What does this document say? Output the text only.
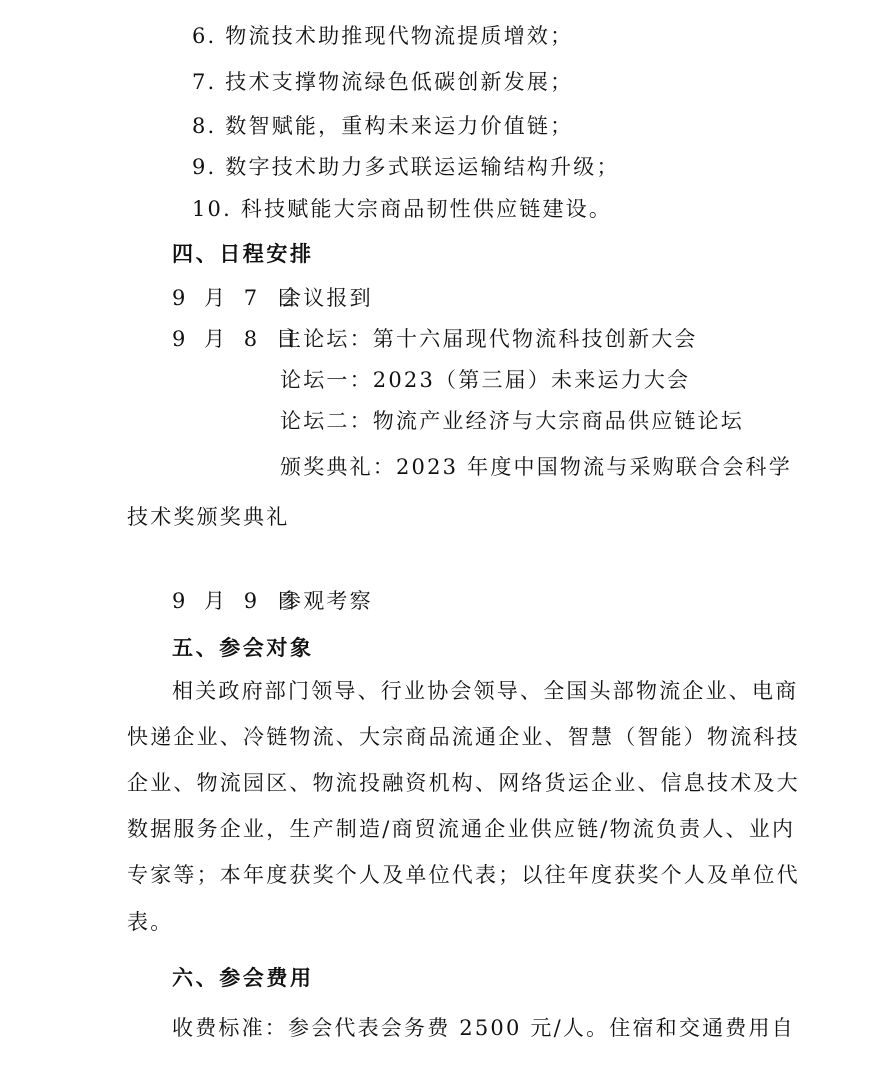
6. 物流技术助推现代物流提质增效；
7. 技术支撑物流绿色低碳创新发展；
8. 数智赋能，重构未来运力价值链；
9. 数字技术助力多式联运运输结构升级；
10. 科技赋能大宗商品韧性供应链建设。
四、日程安排
9 月 7 日会议报到
9 月 8 日主论坛：第十六届现代物流科技创新大会
论坛一：2023（第三届）未来运力大会
论坛二：物流产业经济与大宗商品供应链论坛
颁奖典礼：2023 年度中国物流与采购联合会科学
技术奖颁奖典礼
9 月 9 日参观考察
五、参会对象
相关政府部门领导、行业协会领导、全国头部物流企业、电商
快递企业、冷链物流、大宗商品流通企业、智慧（智能）物流科技
企业、物流园区、物流投融资机构、网络货运企业、信息技术及大
数据服务企业，生产制造/商贸流通企业供应链/物流负责人、业内
专家等；本年度获奖个人及单位代表；以往年度获奖个人及单位代
表。
六、参会费用
收费标准：参会代表会务费 2500 元/人。住宿和交通费用自
